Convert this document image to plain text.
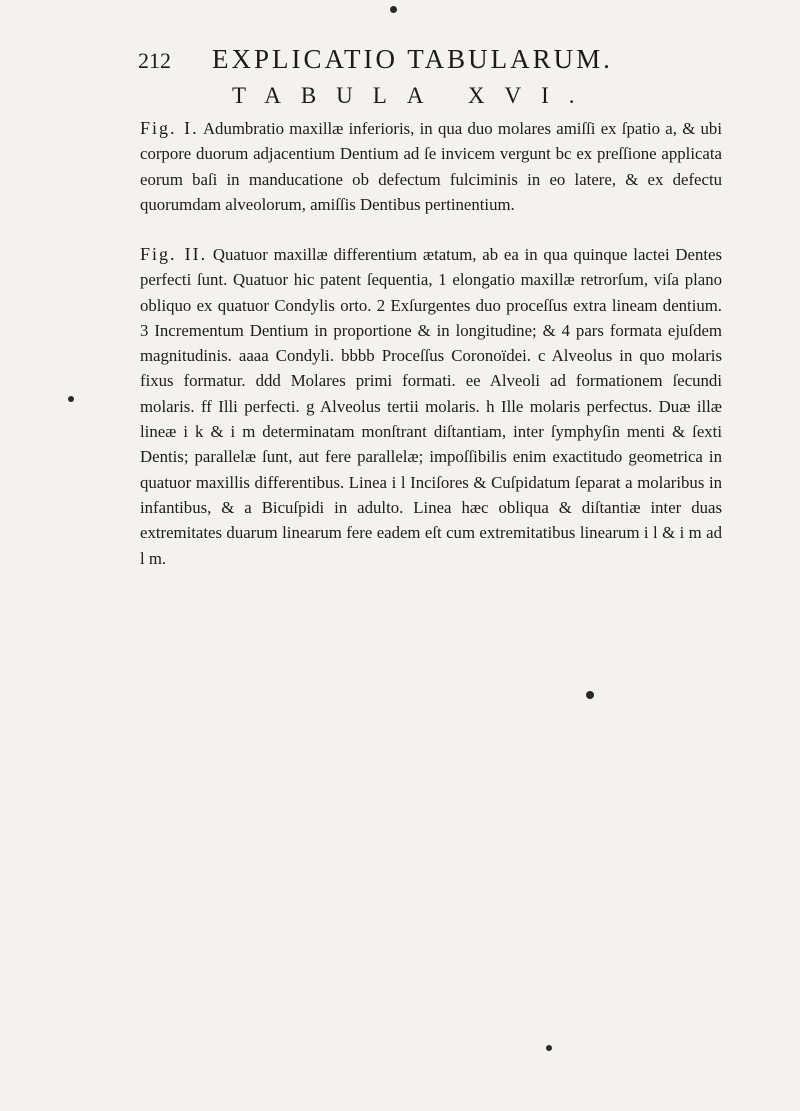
212 EXPLICATIO TABULARUM.
TABULA XVI.

Fig. I. Adumbratio maxillæ inferioris, in qua duo molares amiſſi ex ſpatio a, & ubi corpore duorum adjacentium Dentium ad ſe invicem vergunt bc ex preſſione applicata eorum baſi in manducatione ob defectum fulciminis in eo latere, & ex defectu quorumdam alveolorum, amiſſis Dentibus pertinentium.

Fig. II. Quatuor maxillæ differentium ætatum, ab ea in qua quinque lactei Dentes perfecti ſunt. Quatuor hic patent ſequentia, 1 elongatio maxillæ retrorſum, viſa plano obliquo ex quatuor Condylis orto. 2 Exſurgentes duo proceſſus extra lineam dentium. 3 Incrementum Dentium in proportione & in longitudine; & 4 pars formata ejuſdem magnitudinis. aaaa Condyli. bbbb Proceſſus Coronoïdei. c Alveolus in quo molaris fixus formatur. ddd Molares primi formati. ee Alveoli ad formationem ſecundi molaris. ff Illi perfecti. g Alveolus tertii molaris. h Ille molaris perfectus. Duæ illæ lineæ i k & i m determinatam monſtrant diſtantiam, inter ſymphyſin menti & ſexti Dentis; parallelæ ſunt, aut fere parallelæ; impoſſibilis enim exactitudo geometrica in quatuor maxillis differentibus. Linea i l Inciſores & Cuſpidatum ſeparat a molaribus in infantibus, & a Bicuſpidi in adulto. Linea hæc obliqua & diſtantiæ inter duas extremitates duarum linearum fere eadem eſt cum extremitatibus linearum i l & i m ad l m.
